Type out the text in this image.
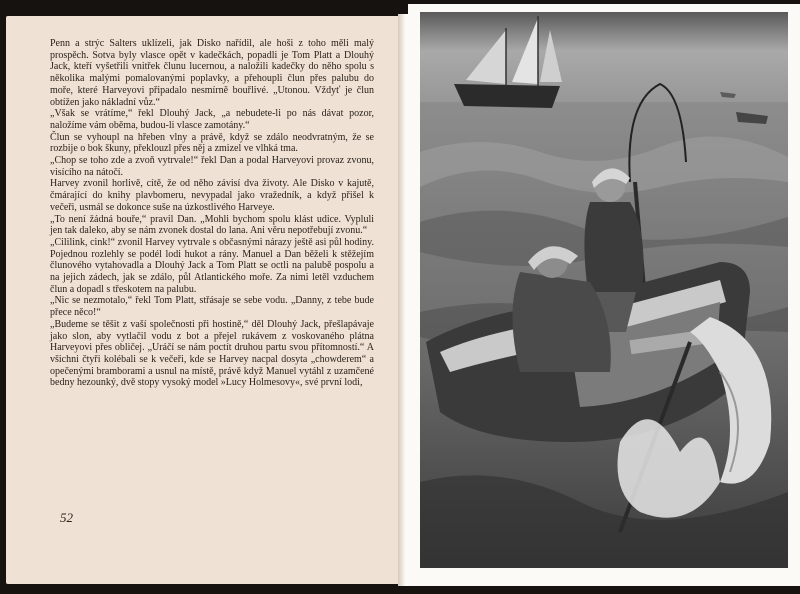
Penn a strýc Salters uklízeli, jak Disko nařídil, ale hoši z toho měli malý prospěch. Sotva byly vlasce opět v kadečkách, popadli je Tom Platt a Dlouhý Jack, kteří vyšetřili vnitřek člunu lucernou, a naložili kadečky do něho spolu s několika malými pomalovanými poplavky, a přehoupli člun přes palubu do moře, které Harveyovi připadalo nesmírně bouřlivé. „Utonou. Vždyť je člun obtížen jako nákladní vůz.“

„Však se vrátíme,“ řekl Dlouhý Jack, „a nebudete-li po nás dávat pozor, naložíme vám oběma, budou-li vlasce zamotány.“

Člun se vyhoupl na hřeben vlny a právě, když se zdálo neodvratným, že se rozbije o bok škuny, překlouzl přes něj a zmizel ve vlhká tma.

„Chop se toho zde a zvoň vytrvale!“ řekl Dan a podal Harveyovi provaz zvonu, visícího na nátočí.

Harvey zvonil horlivě, cítě, že od něho závisí dva životy. Ale Disko v kajutě, čmárající do knihy plavbomeru, nevypadal jako vražedník, a když přišel k večeři, usmál se dokonce suše na úzkostlivého Harveye.

„To není žádná bouře,“ pravil Dan. „Mohli bychom spolu klást udice. Vypluli jen tak daleko, aby se nám zvonek dostal do lana. Ani věru nepotřebují zvonu.“

„Cililink, cink!“ zvonil Harvey vytrvale s občasnými nárazy ještě asi půl hodiny. Pojednou rozlehly se podél lodi hukot a rány. Manuel a Dan běželi k stěžejím člunového vytahovadla a Dlouhý Jack a Tom Platt se octli na palubě pospolu a na jejich zádech, jak se zdálo, půl Atlantického moře. Za nimi letěl vzduchem člun a dopadl s třeskotem na palubu.

„Nic se nezmotalo,“ řekl Tom Platt, střásaje se sebe vodu. „Danny, z tebe bude přece něco!“

„Budeme se těšit z vaší společnosti při hostině,“ děl Dlouhý Jack, přešlapávaje jako slon, aby vytlačil vodu z bot a přejel rukávem z voskovaného plátna Harveyovi přes obličej. „Uráčí se nám poctít druhou partu svou přítomností.“ A všichni čtyři kolébali se k večeři, kde se Harvey nacpal dosyta „chowderem“ a opečenými bramborami a usnul na místě, právě když Manuel vytáhl z uzamčené bedny hezounký, dvě stopy vysoký model »Lucy Holmesovy«, své první lodi,

52
